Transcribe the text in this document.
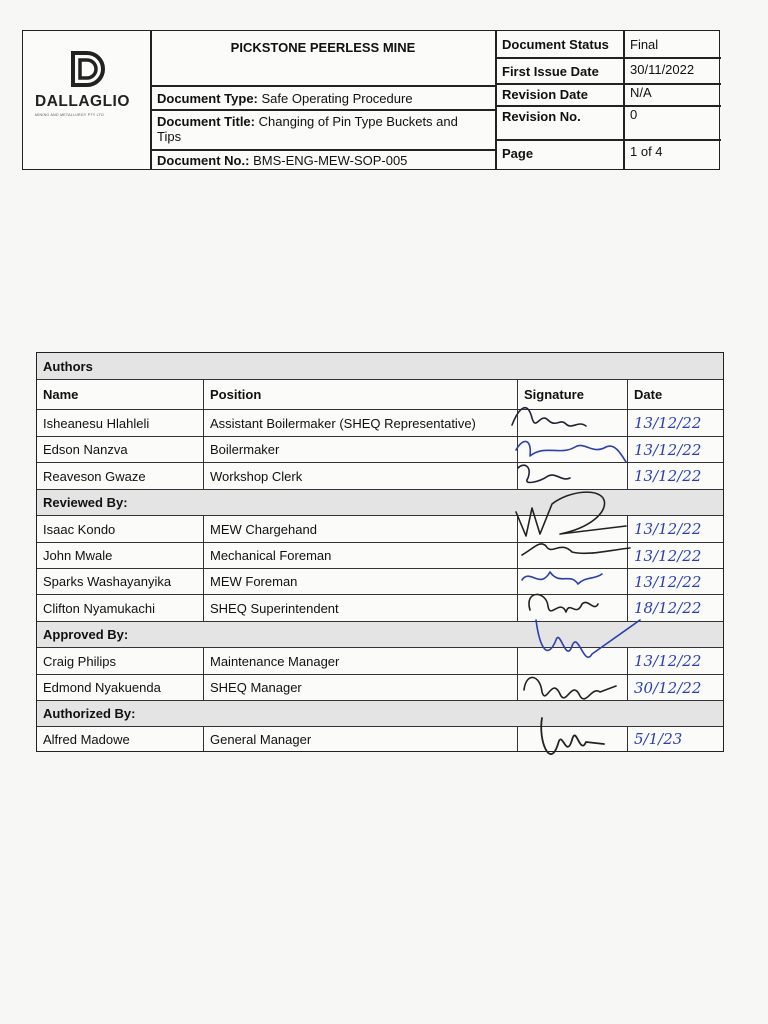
DALLAGLIO
MINING AND METALLURGY PTY LTD
PICKSTONE PEERLESS MINE
Document Type: Safe Operating Procedure
Document Title: Changing of Pin Type Buckets and
Tips
Document No.: BMS-ENG-MEW-SOP-005
Document Status	Final
First Issue Date	30/11/2022
Revision Date	N/A
Revision No.	0
Page	1 of 4
Authors
Name	Position	Signature	Date
Isheanesu Hlahleli	Assistant Boilermaker (SHEQ Representative)	13/12/22
Edson Nanzva	Boilermaker	13/12/22
Reaveson Gwaze	Workshop Clerk	13/12/22
Reviewed By:
Isaac Kondo	MEW Chargehand	13/12/22
John Mwale	Mechanical Foreman	13/12/22
Sparks Washayanyika	MEW Foreman	13/12/22
Clifton Nyamukachi	SHEQ Superintendent	18/12/22
Approved By:
Craig Philips	Maintenance Manager	13/12/22
Edmond Nyakuenda	SHEQ Manager	30/12/22
Authorized By:
Alfred Madowe	General Manager	5/1/23
